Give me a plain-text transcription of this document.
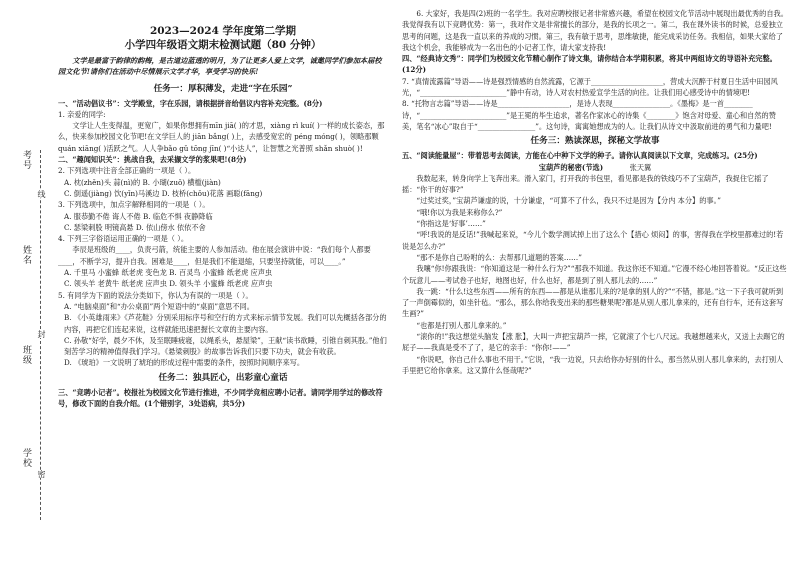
考号
姓名
班级
学校
线
封
密
2023—2024 学年度第二学期
小学四年级语文期末检测试题（80 分钟）
文学是最富于韵律的韵梅，是古道边蓝透的明月，为了让更多人爱上文学，诚邀同学们参加本届校园文化节!请你们在活动中尽情展示文学才华，享受学习的快乐!
任务一：厚积薄发，走进“字在乐园”
一、“活动倡议书”：文学殿堂，字在乐园，请根据拼音给倡议内容补充完整。(8分)
1. 亲爱的同学:
文学让人生变得温，更宽广，如果你想拥有mīn jiā( )的才思，xiàng rì kuí( )一样的成长姿态，那么，快来参加校园文化节吧!在文学巨人的 jiān bǎng( )上，去感受宽宏的 péng móng( )，领略那颗 quán xiāng( )活跃之气。人人争bǎo gǔ tōng jīn( )“小达人”，让智慧之光普照 shǎn shuò( )!
二、“趣闻知识关”：挑战自我，去采撷文学的浆果吧!(8分)
2. 下列选项中注音全部正确的一项是（ ）。
A. 枕(zhěn)头 蒜(nì)的 B. 小瑚(zuǒ) 横槛(jiàn)
C. 倒遥(jiàng) 饮(yǐn)马溪边 D. 枝桥(chǒu)花落 画聪(fāng)
3. 下列选项中，加点字解释相同的一项是（ ）。
A. 服恭勤不倦 诲人不倦 B. 临危不惧 夜静降临
C. 瑟梁刺股 明镜高悬 D. 依山傍水 依依不舍
4. 下列三字俗语运用正确的一项是（ ）。
李辰是班级的____，负责弓箭，统能主要的人参加活动。他在展会演讲中说：“我们每个人都要____，不断学习，提升自我。困难是____，但是我们不能退缩，只要坚持就能，可以____。”
A. 千里马 小蜜蜂 纸老虎 变色龙 B. 百灵鸟 小蜜蜂 纸老虎 应声虫
C. 领头羊 老黄牛 纸老虎 应声虫 D. 领头羊 小蜜蜂 纸老虎 应声虫
5. 有同学为下面的说法分类如下，你认为有误的一项是（ ）。
A. “电脑桌面”和“办公桌面”两个短语中的“桌面”意思不同。
B. 《小英雄雨来》《芦花鞋》分别采用标序号和空行的方式来标示情节发展。我们可以先概括各部分的内容，再把它们连起来说，这样就能迅速把握长文章的主要内容。
C. 孙敬“好学，晨夕不休，及至眠睡疲寝，以绳系头，悬屋梁”，王献“读书欲睡，引锥自刺其股。”他们刻苦学习的精神值得我们学习。《悬梁刺股》的故事告诉我们只要下功夫，就会有收获。
D. 《琥珀》一文说明了琥珀的形成过程中需要的条件，按照时间顺序来写。
任务二：独具匠心，出彩童心童话
三、“竞聘小记者”。校报社为校园文化节进行推进，不少同学竞相应聘小记者。请同学用学过的修改符号，修改下面的自我介绍。(1个错别字，3处语病，共5分)
6. 大家好，我是四(2)班的一名学生。我对应聘校报记者非常感兴趣，希望在校园文化节活动中展现出最优秀的自我。我觉得我有以下竞聘优势：第一，我对作文是非常擅长的部分，是我的长项之一。第二，我在课外读书的时候，总爱独立思考的问题，这是我一直以来的养成的习惯。第三，我有敏于思考，思维敏捷，能完成采访任务。我相信，如果大家给了我这个机会，我能够成为一名出色的小记者工作，请大家支持我!
四、“经典诗文秀”：同学们为校园文化节精心制作了诗文集，请你结合本学期积累，将其中两组诗文的导语补充完整。(12分)
7. “真情流露篇”导语——诗是强烈情感的自然流露，它源于____________________，营成大沉醉于村夏日生活中田园风光，“________________________”静中有动，诗人对农村热爱宣学生活的向往。让我们用心感受诗中的情境吧!
8. “托物言志篇”导语——诗是____________________，是诗人表现________________。《墨梅》是一首________诗，“________________________”是王冕的毕生追求，著名作家冰心的诗集《________》饱含对母爱、童心和自然的赞美，笔名“冰心”取自于“________________”。这句诗，寓寓她想成为的人。让我们从诗文中汲取前进的勇气和力量吧!
任务三：熟读深思，探秘文学故事
五、“阅读能量屋”：带着思考去阅读，方能在心中种下文学的种子。请你认真阅读以下文章，完成练习。(25分)
宝葫芦的秘密(节选)	张天翼
我数起来，转身向学上飞奔出来。滑入家门，打开我的书包里，看见都是我的铁线巧不了宝葫芦，我捉住它摇了摇：“你干的好事?”
“过奖过奖，”宝葫芦谦虚的说，十分谦虚，“可算不了什么，我只不过是因为【分内 本分】的事。”
“哦!你以为我是来称你么?”
“你指这是‘好事’……”
“呼!我说的是反话!”我喊起来说，“今儿个数学测试掉上出了这么个【措心 烦闷】的事，害得我在学校里都难过的!若说是怎么办?”
“那不是你自己吩咐的么：去帮那几道题的答案……”
我嚷“你!你跟我说：“你知道这是一种什么行为?”“那我不知道。我这你还不知道。”它漫不经心地回答着说。“反正这些个玩意儿——考试卷子也好，地图也好，什么也好，都是到了别人那儿去的……”
我一跳：“什么!这些东西——所有的东西——都是从谁那儿来的?是拿的别人的?”“不错，都是。”这一下子我可就听到了一声倒霉似的，如坐针毡。“那么，那么你给我变出来的那些糖果呢?都是从别人那儿拿来的，还有自行车，还有这套写生画?”
“也都是打别人那儿拿来的。”
“滚你的!”我这想觉头脑发【涨 胀】，大叫一声把宝葫芦一摔，它就滚了个七八尺远。我越想越来火，又送上去踢它的屁子——我真是受不了了，是它的亲手：“你你!——”
“你说吧，你自己什么事也不用干。”它说，“我一边说，只去给你办好别的什么，那当然从别人那儿拿来的，去打别人手里把它给你拿来。这又算什么怪哉呢?”
